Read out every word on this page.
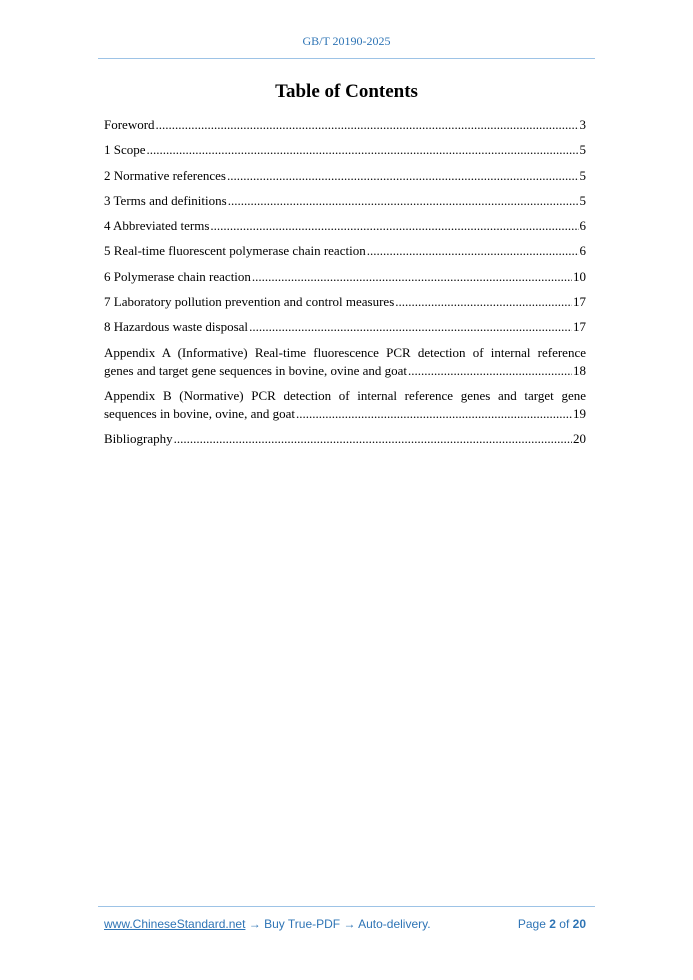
GB/T 20190-2025
Table of Contents
Foreword .....	3
1 Scope .....	5
2 Normative references .....	5
3 Terms and definitions .....	5
4 Abbreviated terms .....	6
5 Real-time fluorescent polymerase chain reaction .....	6
6 Polymerase chain reaction .....	10
7 Laboratory pollution prevention and control measures .....	17
8 Hazardous waste disposal .....	17
Appendix A (Informative) Real-time fluorescence PCR detection of internal reference
genes and target gene sequences in bovine, ovine and goat .....	18
Appendix B (Normative) PCR detection of internal reference genes and target gene
sequences in bovine, ovine, and goat .....	19
Bibliography .....	20
www.ChineseStandard.net → Buy True-PDF → Auto-delivery.	Page 2 of 20
